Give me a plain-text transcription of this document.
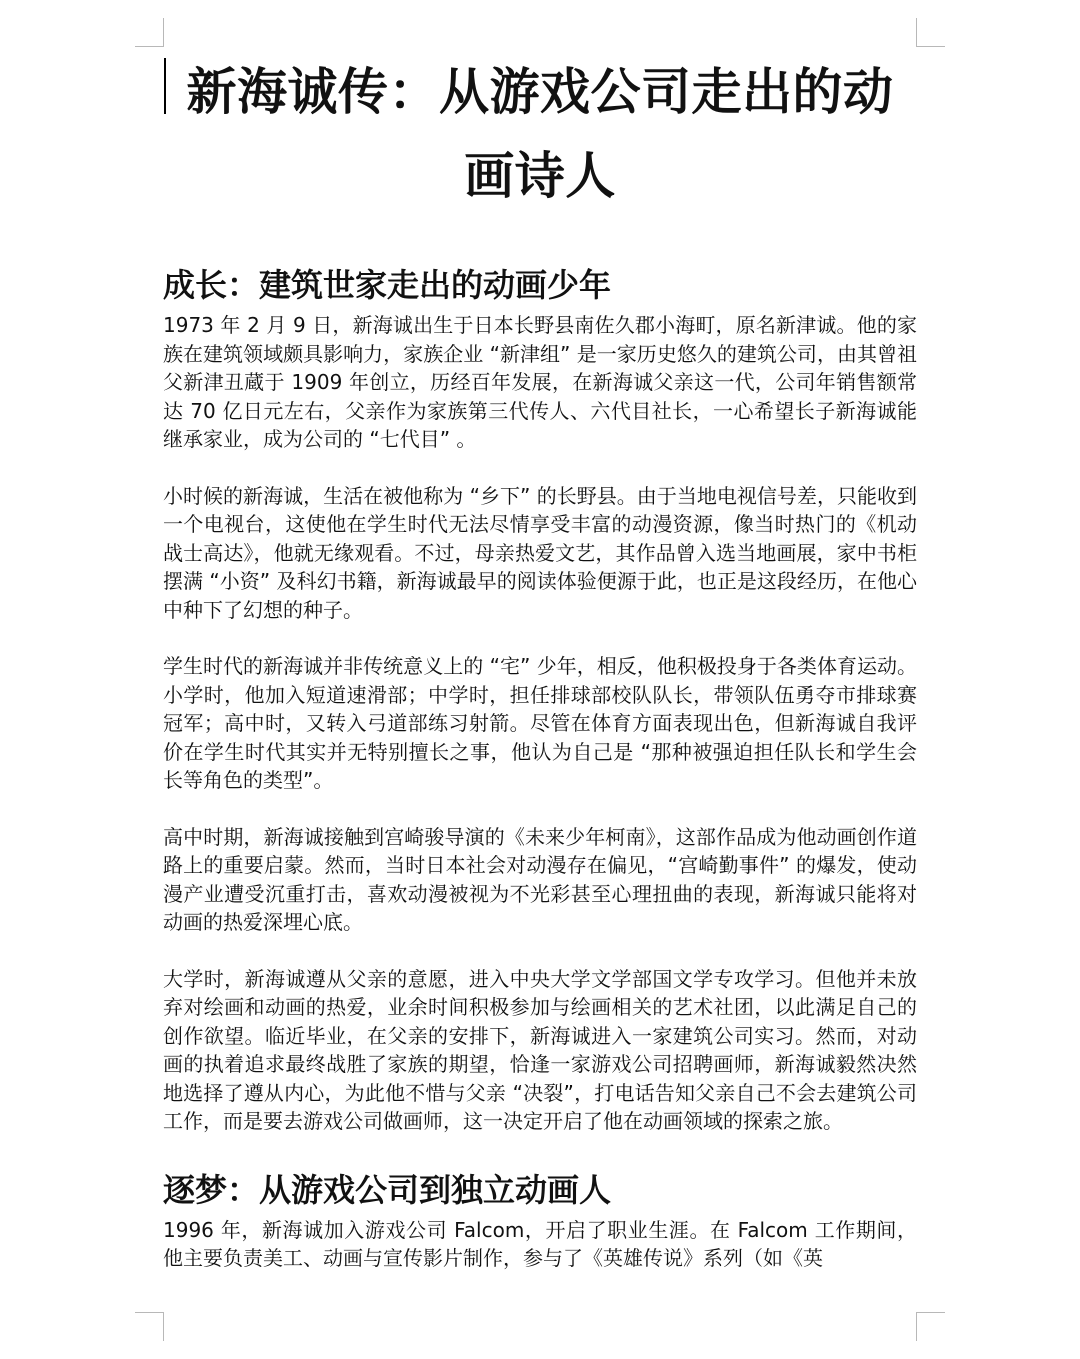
新海诚传：从游戏公司走出的动画诗人
成长：建筑世家走出的动画少年

1973 年 2 月 9 日，新海诚出生于日本长野县南佐久郡小海町，原名新津诚。他的家族在建筑领域颇具影响力，家族企业 “新津组” 是一家历史悠久的建筑公司，由其曾祖父新津丑蔵于 1909 年创立，历经百年发展，在新海诚父亲这一代，公司年销售额常达 70 亿日元左右，父亲作为家族第三代传人、六代目社长，一心希望长子新海诚能继承家业，成为公司的 “七代目” 。

小时候的新海诚，生活在被他称为 “乡下” 的长野县。由于当地电视信号差，只能收到一个电视台，这使他在学生时代无法尽情享受丰富的动漫资源，像当时热门的《机动战士高达》，他就无缘观看。不过，母亲热爱文艺，其作品曾入选当地画展，家中书柜摆满 “小资” 及科幻书籍，新海诚最早的阅读体验便源于此，也正是这段经历，在他心中种下了幻想的种子。

学生时代的新海诚并非传统意义上的 “宅” 少年，相反，他积极投身于各类体育运动。小学时，他加入短道速滑部；中学时，担任排球部校队队长，带领队伍勇夺市排球赛冠军；高中时，又转入弓道部练习射箭。尽管在体育方面表现出色，但新海诚自我评价在学生时代其实并无特别擅长之事，他认为自己是 “那种被强迫担任队长和学生会长等角色的类型”。

高中时期，新海诚接触到宫崎骏导演的《未来少年柯南》，这部作品成为他动画创作道路上的重要启蒙。然而，当时日本社会对动漫存在偏见，“宫崎勤事件” 的爆发，使动漫产业遭受沉重打击，喜欢动漫被视为不光彩甚至心理扭曲的表现，新海诚只能将对动画的热爱深埋心底。

大学时，新海诚遵从父亲的意愿，进入中央大学文学部国文学专攻学习。但他并未放弃对绘画和动画的热爱，业余时间积极参加与绘画相关的艺术社团，以此满足自己的创作欲望。临近毕业，在父亲的安排下，新海诚进入一家建筑公司实习。然而，对动画的执着追求最终战胜了家族的期望，恰逢一家游戏公司招聘画师，新海诚毅然决然地选择了遵从内心，为此他不惜与父亲 “决裂”，打电话告知父亲自己不会去建筑公司工作，而是要去游戏公司做画师，这一决定开启了他在动画领域的探索之旅。

逐梦：从游戏公司到独立动画人

1996 年，新海诚加入游戏公司 Falcom，开启了职业生涯。在 Falcom 工作期间，他主要负责美工、动画与宣传影片制作，参与了《英雄传说》系列（如《英
